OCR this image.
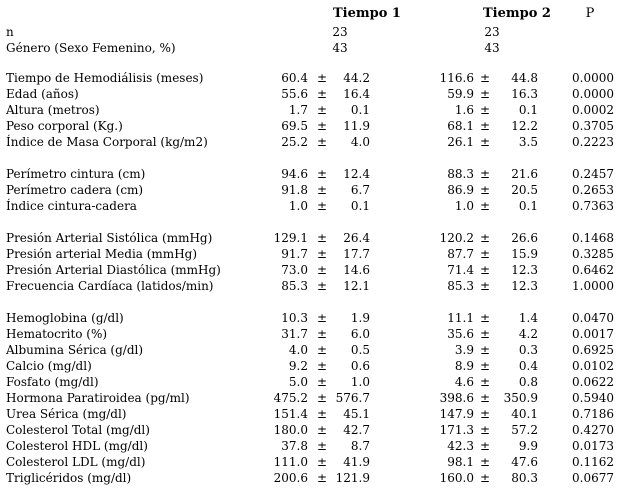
Tiempo 1	Tiempo 2	P
n	23	23
Género (Sexo Femenino, %)	43	43
Tiempo de Hemodiálisis (meses)	60.4 ±	44.2	116.6 ±	44.8	0.0000
Edad (años)	55.6 ±	16.4	59.9 ±	16.3	0.0000
Altura (metros)	1.7 ±	0.1	1.6 ±	0.1	0.0002
Peso corporal (Kg.)	69.5 ±	11.9	68.1 ±	12.2	0.3705
Índice de Masa Corporal (kg/m2)	25.2 ±	4.0	26.1 ±	3.5	0.2223
Perímetro cintura (cm)	94.6 ±	12.4	88.3 ±	21.6	0.2457
Perímetro cadera (cm)	91.8 ±	6.7	86.9 ±	20.5	0.2653
Índice cintura-cadera	1.0 ±	0.1	1.0 ±	0.1	0.7363
Presión Arterial Sistólica (mmHg)	129.1 ±	26.4	120.2 ±	26.6	0.1468
Presión arterial Media (mmHg)	91.7 ±	17.7	87.7 ±	15.9	0.3285
Presión Arterial Diastólica (mmHg)	73.0 ±	14.6	71.4 ±	12.3	0.6462
Frecuencia Cardíaca (latidos/min)	85.3 ±	12.1	85.3 ±	12.3	1.0000
Hemoglobina (g/dl)	10.3 ±	1.9	11.1 ±	1.4	0.0470
Hematocrito (%)	31.7 ±	6.0	35.6 ±	4.2	0.0017
Albumina Sérica (g/dl)	4.0 ±	0.5	3.9 ±	0.3	0.6925
Calcio (mg/dl)	9.2 ±	0.6	8.9 ±	0.4	0.0102
Fosfato (mg/dl)	5.0 ±	1.0	4.6 ±	0.8	0.0622
Hormona Paratiroidea (pg/ml)	475.2 ± 576.7	398.6 ±	350.9	0.5940
Urea Sérica (mg/dl)	151.4 ±	45.1	147.9 ±	40.1	0.7186
Colesterol Total (mg/dl)	180.0 ±	42.7	171.3 ±	57.2	0.4270
Colesterol HDL (mg/dl)	37.8 ±	8.7	42.3 ±	9.9	0.0173
Colesterol LDL (mg/dl)	111.0 ±	41.9	98.1 ±	47.6	0.1162
Triglicéridos (mg/dl)	200.6 ± 121.9	160.0 ±	80.3	0.0677
